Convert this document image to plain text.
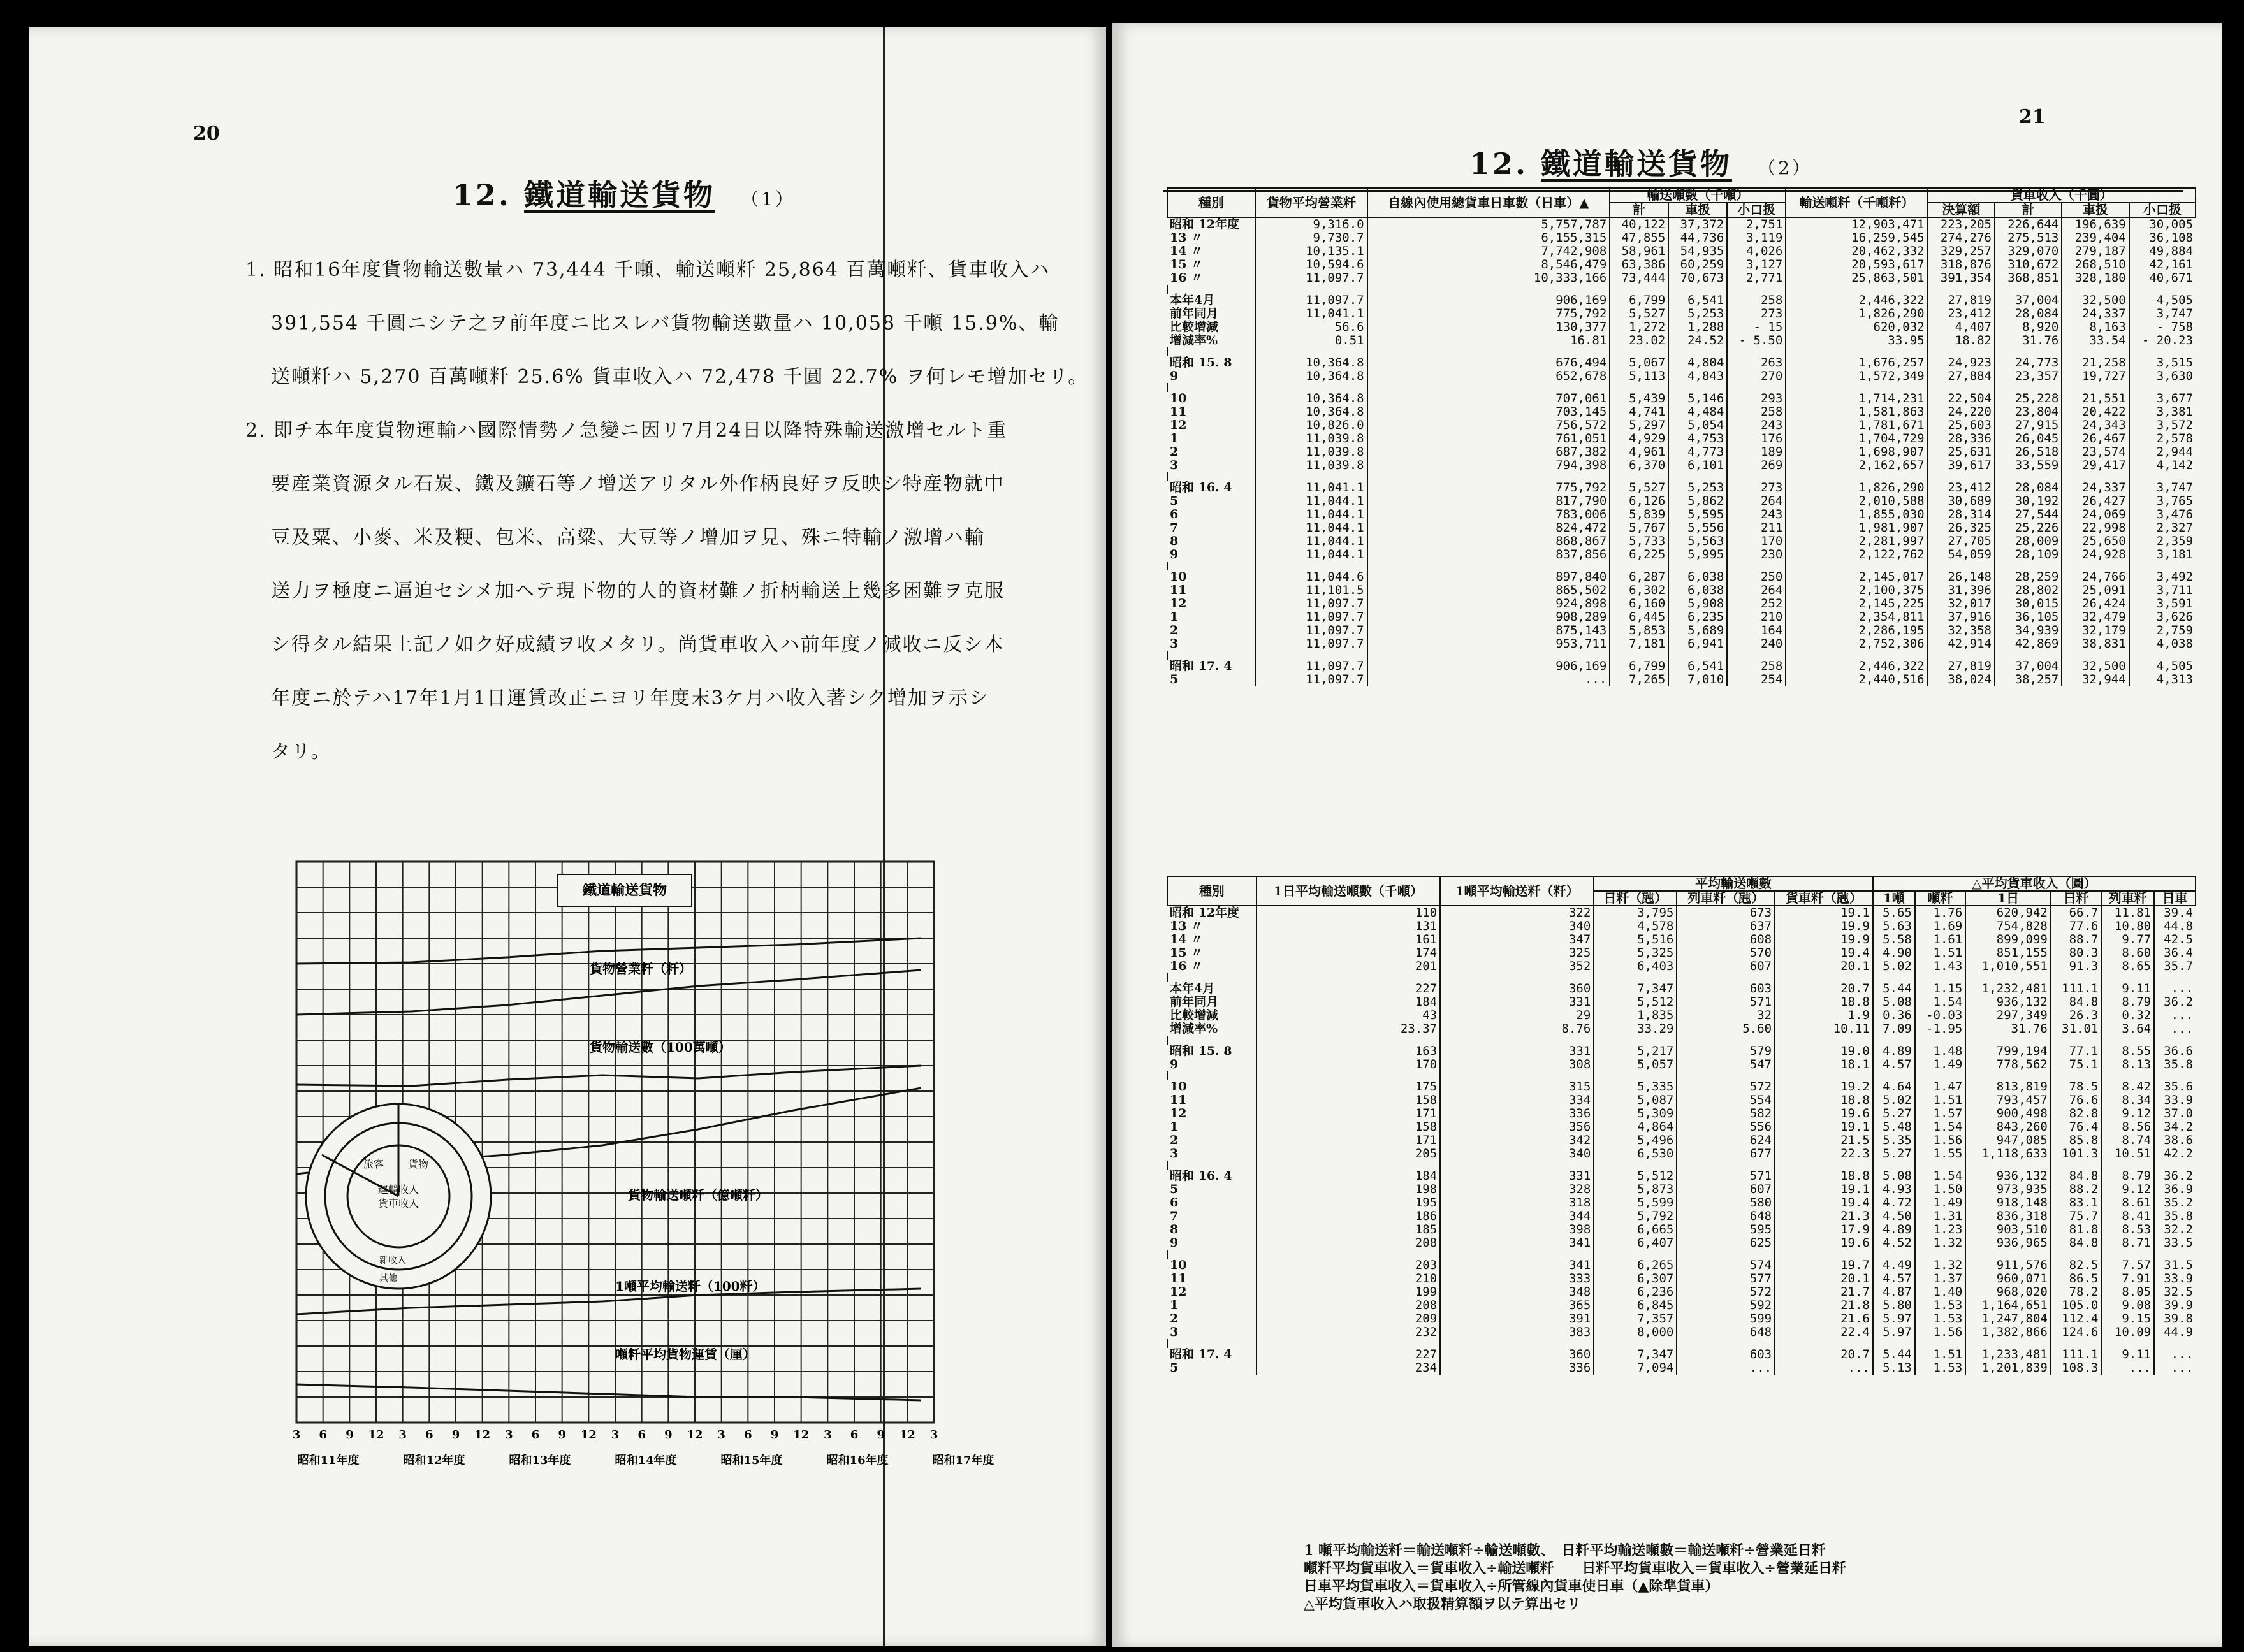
20
12. 鐵道輸送貨物 （1）
1. 昭和16年度貨物輸送數量ハ 73,444 千噸、輸送噸粁 25,864 百萬噸粁、貨車收入ハ
391,554 千圓ニシテ之ヲ前年度ニ比スレバ貨物輸送數量ハ 10,058 千噸 15.9%、輸
送噸粁ハ 5,270 百萬噸粁 25.6% 貨車收入ハ 72,478 千圓 22.7% ヲ何レモ增加セリ。
2. 即チ本年度貨物運輸ハ國際情勢ノ急變ニ因リ7月24日以降特殊輸送激增セルト重
要産業資源タル石炭、鐵及鑛石等ノ增送アリタル外作柄良好ヲ反映シ特産物就中
豆及粟、小麥、米及粳、包米、高粱、大豆等ノ增加ヲ見、殊ニ特輸ノ激增ハ輸
送力ヲ極度ニ逼迫セシメ加ヘテ現下物的人的資材難ノ折柄輸送上幾多困難ヲ克服
シ得タル結果上記ノ如ク好成績ヲ收メタリ。尚貨車收入ハ前年度ノ減收ニ反シ本
年度ニ於テハ17年1月1日運賃改正ニヨリ年度末3ケ月ハ收入著シク增加ヲ示シ
タリ。
鐵道輸送貨物
貨物營業粁（粁）
貨物輸送數（100萬噸）
貨物輸送噸粁（億噸粁）
1噸平均輸送粁（100粁）
噸粁平均貨物運賃（厘）
運輸收入
貨車收入
旅客 貨物
雜收入
其他
3 6 9 12 3 6 9 12 3 6 9 12 3 6 9 12 3 6 9 12 3 6 9 12 3
昭和11年度	昭和12年度	昭和13年度	昭和14年度	昭和15年度	昭和16年度	昭和17年度
21
12. 鐵道輸送貨物 （2）
種別	貨物平均營業粁	自線內使用總貨車日車數（日車）▲	輸送噸數（千噸）			輸送噸粁（千噸粁）	貨車收入（千圓）			
			計	車扱	小口扱		決算額	計	車扱	小口扱
昭和 12年度	9,316.0	5,757,787	40,122	37,372	2,751	12,903,471	223,205	226,644	196,639	30,005
13 〃	9,730.7	6,155,315	47,855	44,736	3,119	16,259,545	274,276	275,513	239,404	36,108
14 〃	10,135.1	7,742,908	58,961	54,935	4,026	20,462,332	329,257	329,070	279,187	49,884
15 〃	10,594.6	8,546,479	63,386	60,259	3,127	20,593,617	318,876	310,672	268,510	42,161
16 〃	11,097.7	10,333,166	73,444	70,673	2,771	25,863,501	391,354	368,851	328,180	40,671

本年4月	11,097.7	906,169	6,799	6,541	258	2,446,322	27,819	37,004	32,500	4,505
前年同月	11,041.1	775,792	5,527	5,253	273	1,826,290	23,412	28,084	24,337	3,747
比較增減	56.6	130,377	1,272	1,288	- 15	620,032	4,407	8,920	8,163	- 758
增減率%	0.51	16.81	23.02	24.52	- 5.50	33.95	18.82	31.76	33.54	- 20.23

昭和 15. 8	10,364.8	676,494	5,067	4,804	263	1,676,257	24,923	24,773	21,258	3,515
9	10,364.8	652,678	5,113	4,843	270	1,572,349	27,884	23,357	19,727	3,630

10	10,364.8	707,061	5,439	5,146	293	1,714,231	22,504	25,228	21,551	3,677
11	10,364.8	703,145	4,741	4,484	258	1,581,863	24,220	23,804	20,422	3,381
12	10,826.0	756,572	5,297	5,054	243	1,781,671	25,603	27,915	24,343	3,572
1	11,039.8	761,051	4,929	4,753	176	1,704,729	28,336	26,045	26,467	2,578
2	11,039.8	687,382	4,961	4,773	189	1,698,907	25,631	26,518	23,574	2,944
3	11,039.8	794,398	6,370	6,101	269	2,162,657	39,617	33,559	29,417	4,142

昭和 16. 4	11,041.1	775,792	5,527	5,253	273	1,826,290	23,412	28,084	24,337	3,747
5	11,044.1	817,790	6,126	5,862	264	2,010,588	30,689	30,192	26,427	3,765
6	11,044.1	783,006	5,839	5,595	243	1,855,030	28,314	27,544	24,069	3,476
7	11,044.1	824,472	5,767	5,556	211	1,981,907	26,325	25,226	22,998	2,327
8	11,044.1	868,867	5,733	5,563	170	2,281,997	27,705	28,009	25,650	2,359
9	11,044.1	837,856	6,225	5,995	230	2,122,762	54,059	28,109	24,928	3,181

10	11,044.6	897,840	6,287	6,038	250	2,145,017	26,148	28,259	24,766	3,492
11	11,101.5	865,502	6,302	6,038	264	2,100,375	31,396	28,802	25,091	3,711
12	11,097.7	924,898	6,160	5,908	252	2,145,225	32,017	30,015	26,424	3,591
1	11,097.7	908,289	6,445	6,235	210	2,354,811	37,916	36,105	32,479	3,626
2	11,097.7	875,143	5,853	5,689	164	2,286,195	32,358	34,939	32,179	2,759
3	11,097.7	953,711	7,181	6,941	240	2,752,306	42,914	42,869	38,831	4,038

昭和 17. 4	11,097.7	906,169	6,799	6,541	258	2,446,322	27,819	37,004	32,500	4,505
5	11,097.7	...	7,265	7,010	254	2,440,516	38,024	38,257	32,944	4,313
種別	1日平均輸送噸數（千噸）	1噸平均輸送粁（粁）	平均輸送噸數			△平均貨車收入（圓）					
			日粁（瓲）	列車粁（瓲）	貨車粁（瓲）	1噸	噸粁	1日	日粁	列車粁	日車
昭和 12年度	110	322	3,795	673	19.1	5.65	1.76	620,942	66.7	11.81	39.4
13 〃	131	340	4,578	637	19.9	5.63	1.69	754,828	77.6	10.80	44.8
14 〃	161	347	5,516	608	19.9	5.58	1.61	899,099	88.7	9.77	42.5
15 〃	174	325	5,325	570	19.4	4.90	1.51	851,155	80.3	8.60	36.4
16 〃	201	352	6,403	607	20.1	5.02	1.43	1,010,551	91.3	8.65	35.7

本年4月	227	360	7,347	603	20.7	5.44	1.15	1,232,481	111.1	9.11	...
前年同月	184	331	5,512	571	18.8	5.08	1.54	936,132	84.8	8.79	36.2
比較增減	43	29	1,835	32	1.9	0.36	-0.03	297,349	26.3	0.32	...
增減率%	23.37	8.76	33.29	5.60	10.11	7.09	-1.95	31.76	31.01	3.64	...

昭和 15. 8	163	331	5,217	579	19.0	4.89	1.48	799,194	77.1	8.55	36.6
9	170	308	5,057	547	18.1	4.57	1.49	778,562	75.1	8.13	35.8

10	175	315	5,335	572	19.2	4.64	1.47	813,819	78.5	8.42	35.6
11	158	334	5,087	554	18.8	5.02	1.51	793,457	76.6	8.34	33.9
12	171	336	5,309	582	19.6	5.27	1.57	900,498	82.8	9.12	37.0
1	158	356	4,864	556	19.1	5.48	1.54	843,260	76.4	8.56	34.2
2	171	342	5,496	624	21.5	5.35	1.56	947,085	85.8	8.74	38.6
3	205	340	6,530	677	22.3	5.27	1.55	1,118,633	101.3	10.51	42.2

昭和 16. 4	184	331	5,512	571	18.8	5.08	1.54	936,132	84.8	8.79	36.2
5	198	328	5,873	607	19.1	4.93	1.50	973,935	88.2	9.12	36.9
6	195	318	5,599	580	19.4	4.72	1.49	918,148	83.1	8.61	35.2
7	186	344	5,792	648	21.3	4.50	1.31	836,318	75.7	8.41	35.8
8	185	398	6,665	595	17.9	4.89	1.23	903,510	81.8	8.53	32.2
9	208	341	6,407	625	19.6	4.52	1.32	936,965	84.8	8.71	33.5

10	203	341	6,265	574	19.7	4.49	1.32	911,576	82.5	7.57	31.5
11	210	333	6,307	577	20.1	4.57	1.37	960,071	86.5	7.91	33.9
12	199	348	6,236	572	21.7	4.87	1.40	968,020	78.2	8.05	32.5
1	208	365	6,845	592	21.8	5.80	1.53	1,164,651	105.0	9.08	39.9
2	209	391	7,357	599	21.6	5.97	1.53	1,247,804	112.4	9.15	39.8
3	232	383	8,000	648	22.4	5.97	1.56	1,382,866	124.6	10.09	44.9

昭和 17. 4	227	360	7,347	603	20.7	5.44	1.51	1,233,481	111.1	9.11	...
5	234	336	7,094	...	...	5.13	1.53	1,201,839	108.3	...	...
1 噸平均輸送粁＝輸送噸粁÷輸送噸數、　日粁平均輸送噸數＝輸送噸粁÷營業延日粁
噸粁平均貨車收入＝貨車收入÷輸送噸粁　　日粁平均貨車收入＝貨車收入÷營業延日粁
日車平均貨車收入＝貨車收入÷所管線內貨車使日車（▲除準貨車）
△平均貨車收入ハ取扱精算額ヲ以テ算出セリ
